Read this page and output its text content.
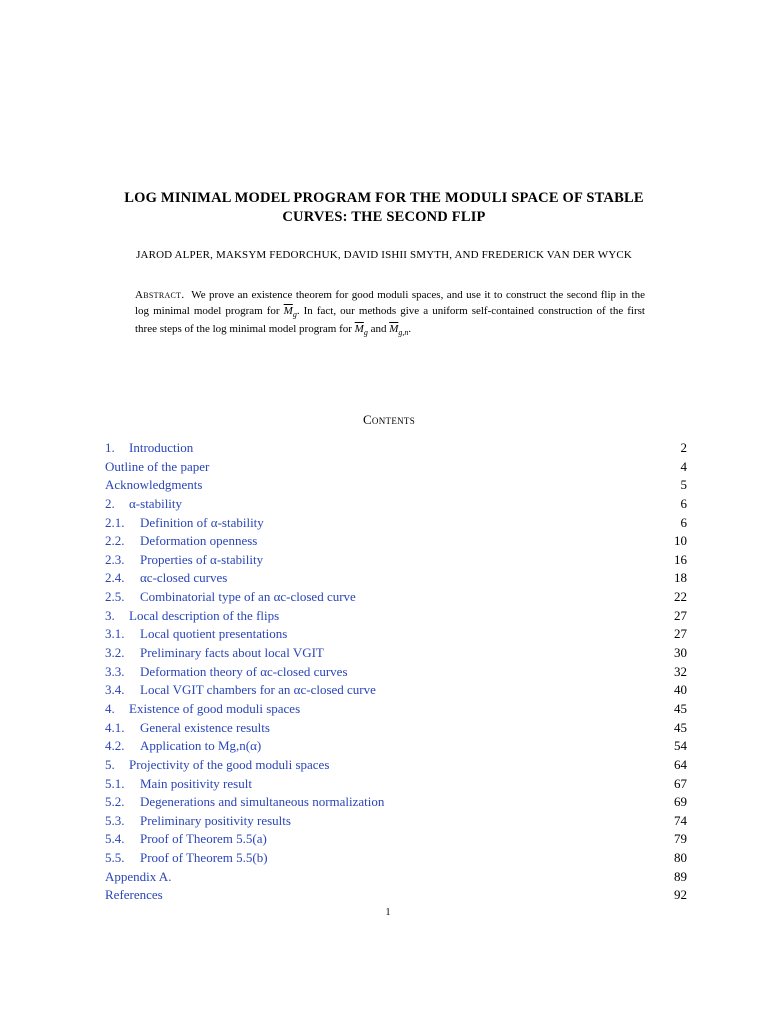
LOG MINIMAL MODEL PROGRAM FOR THE MODULI SPACE OF STABLE
CURVES: THE SECOND FLIP
JAROD ALPER, MAKSYM FEDORCHUK, DAVID ISHII SMYTH, AND FREDERICK VAN DER WYCK
Abstract. We prove an existence theorem for good moduli spaces, and use it to construct the second flip in the log minimal model program for $\overline{M}_g$. In fact, our methods give a uniform self-contained construction of the first three steps of the log minimal model program for $\overline{M}_g$ and $\overline{M}_{g,n}$.
Contents
1. Introduction	2
Outline of the paper	4
Acknowledgments	5
2. α-stability	6
2.1. Definition of α-stability	6
2.2. Deformation openness	10
2.3. Properties of α-stability	16
2.4. αc-closed curves	18
2.5. Combinatorial type of an αc-closed curve	22
3. Local description of the flips	27
3.1. Local quotient presentations	27
3.2. Preliminary facts about local VGIT	30
3.3. Deformation theory of αc-closed curves	32
3.4. Local VGIT chambers for an αc-closed curve	40
4. Existence of good moduli spaces	45
4.1. General existence results	45
4.2. Application to Mg,n(α)	54
5. Projectivity of the good moduli spaces	64
5.1. Main positivity result	67
5.2. Degenerations and simultaneous normalization	69
5.3. Preliminary positivity results	74
5.4. Proof of Theorem 5.5(a)	79
5.5. Proof of Theorem 5.5(b)	80
Appendix A.	89
References	92
1
